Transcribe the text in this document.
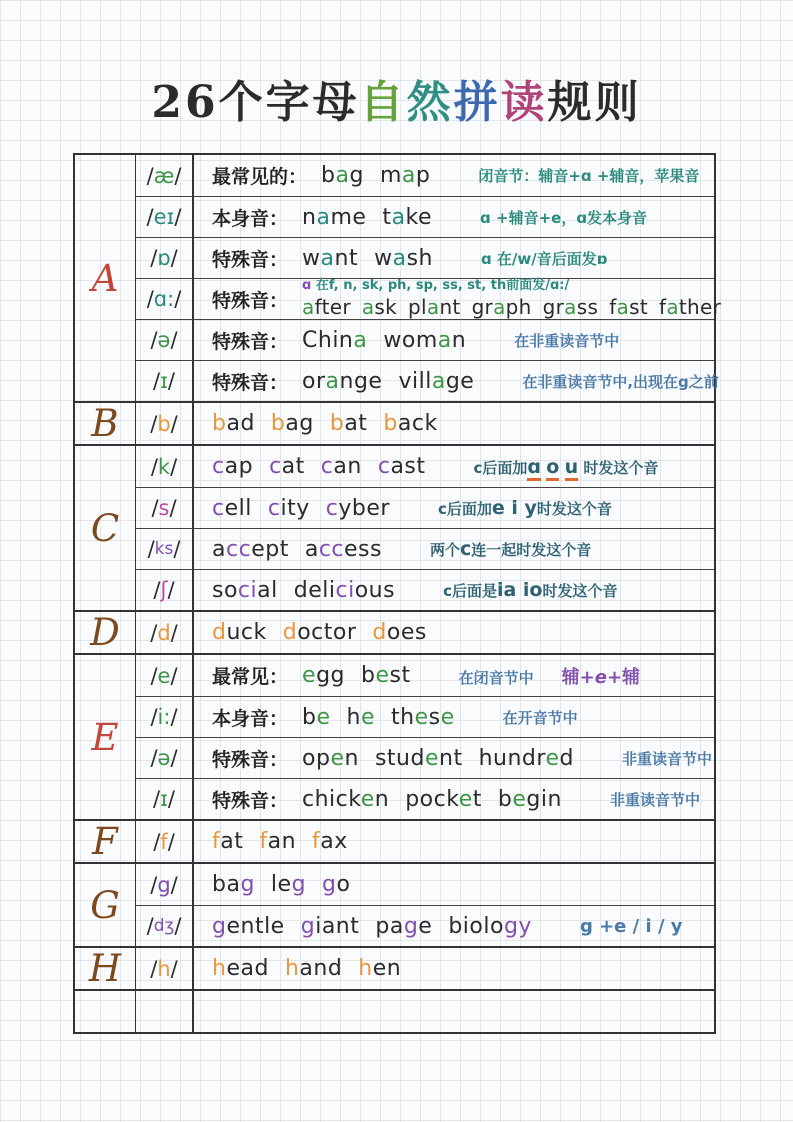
26个字母自然拼读规则
A
/ æ / 最常见的： bag map	闭音节：辅音+ɑ +辅音，苹果音
/ eɪ / 本身音： name take	ɑ +辅音+e，ɑ发本身音
/ ɒ / 特殊音： want wash	ɑ 在/w/音后面发ɒ
/ ɑ: / 特殊音：
ɑ 在f, n, sk, ph, sp, ss, st, th前面发/ɑ:/
after ask plant graph grass fast father
/ ə / 特殊音： China woman	在非重读音节中
/ ɪ / 特殊音： orange village	在非重读音节中,出现在g之前
B / b / bad bag bat back
C
/ k / cap cat can cast	c后面加ɑ o u 时发这个音
/ s / cell city cyber	c后面加e i y时发这个音
/ ks / accept access	两个c连一起时发这个音
/ ʃ / social delicious	c后面是ia io时发这个音
D / d / duck doctor does
E
/ e / 最常见： egg best	在闭音节中 辅+e+辅
/ i: / 本身音： be he these	在开音节中
/ ə / 特殊音： open student hundred	非重读音节中
/ ɪ / 特殊音： chicken pocket begin	非重读音节中
F / f / fat fan fax
G / g / bag leg go
/ dʒ / gentle giant page biology	g +e / i / y
H / h / head hand hen
